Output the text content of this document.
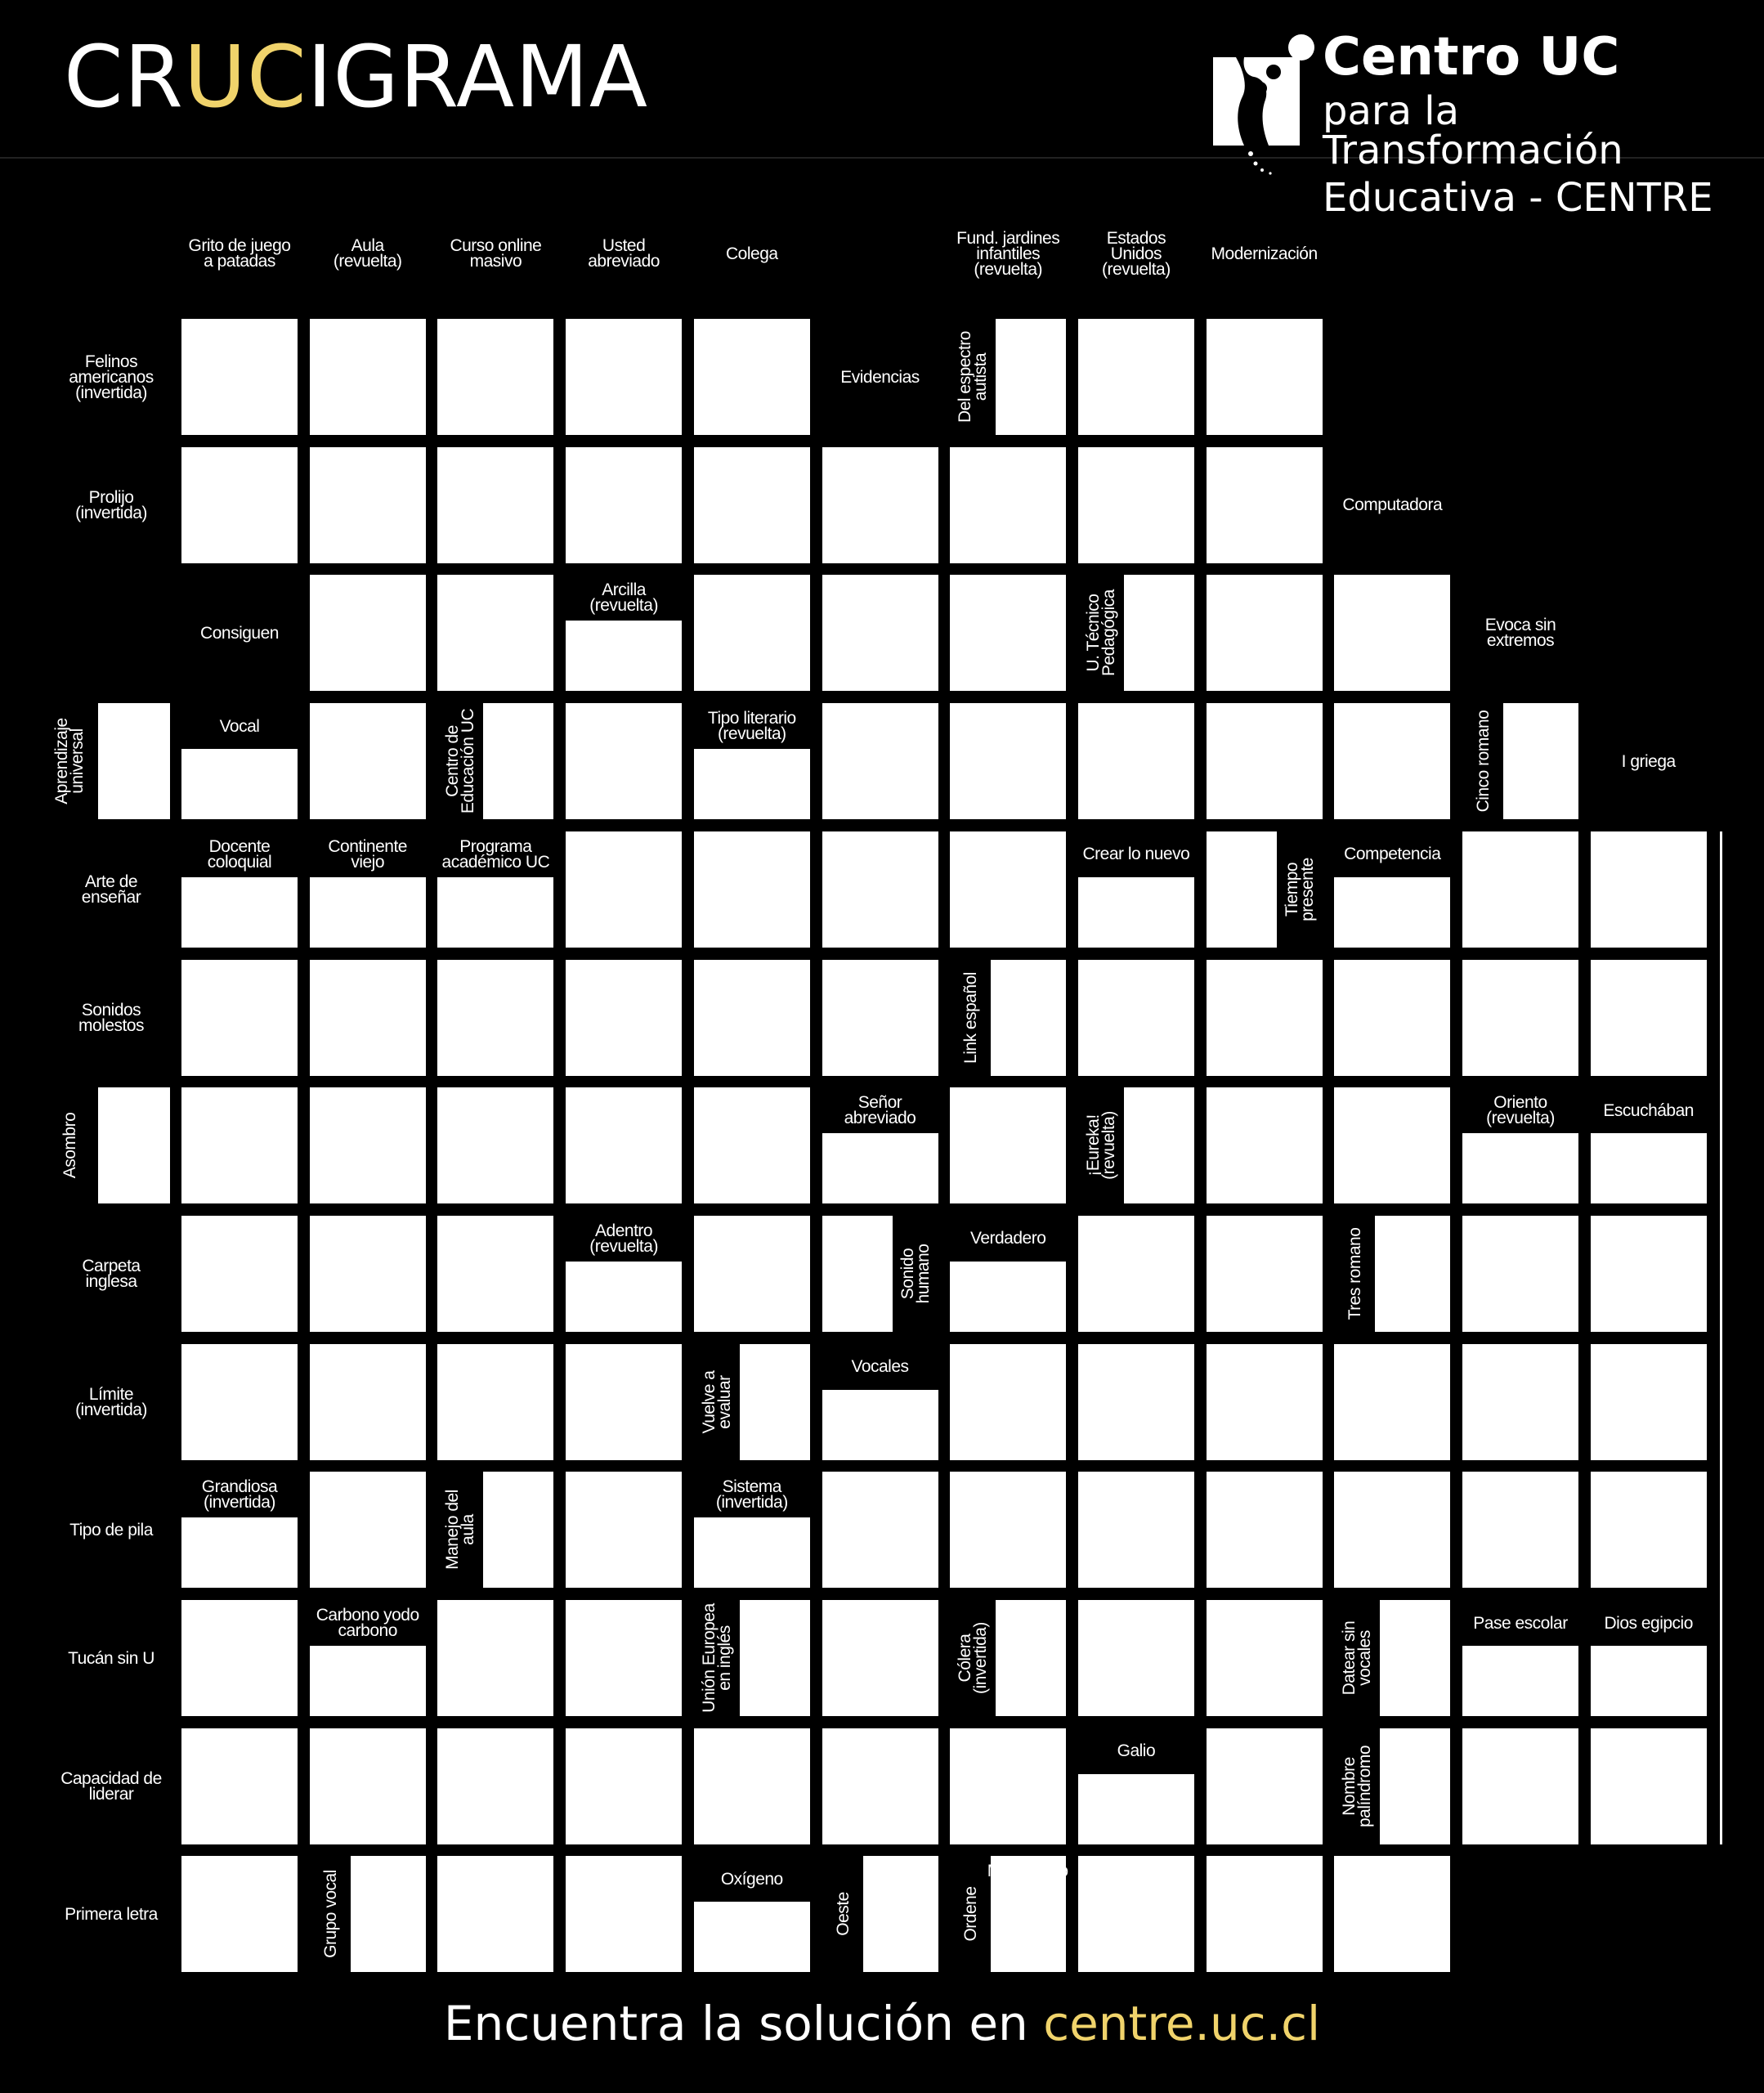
CRUCIGRAMA	Centro UC
para la Transformación
Educativa - CENTRE
Grito de juego
a patadas
Aula
(revuelta)
Curso online
masivo
Usted
abreviado	Colega
Fund. jardines
infantiles
(revuelta)
Estados
Unidos
(revuelta)
Modernización
Felinos
americanos
(invertida)
Prolijo
(invertida)
Aprendizaje
universal
Arte de
enseñar
Sonidos
molestos
Asombro
Carpeta
inglesa
Límite
(invertida)
Tipo de pila
Tucán sin U
Capacidad de
liderar
Primera letra
Evidencias
Del espectro
autista
Computadora
Consiguen
Arcilla
(revuelta)
U. Técnico
Pedagógica	Evoca sin
extremos
Vocal
Centro de
Educación UC	Tipo literario
(revuelta)	Cinco romano	I griega
Docente
coloquial
Continente
viejo
Programa
académico UC	Crear lo nuevo
Tiempo
presente
Competencia
Link español
Señor
abreviado	¡Eureka!
(revuelta)
Oriento
(revuelta)	Escuchában
Adentro
(revuelta)
Sonido
humano
Verdadero	Tres romano
Vuelve a
evaluar
Vocales
Grandiosa
(invertida)
Manejo del
aula
Sistema
(invertida)
Carbono yodo
carbono
Unión Europea
en inglés	Cólera
(invertida)	Datear sin
vocales
Pase escolar	Dios egipcio
Galio
Nombre
palíndromo
Grupo vocal	Oxígeno
Oeste	Ordene
Mil romano
Encuentra la solución en centre.uc.cl
